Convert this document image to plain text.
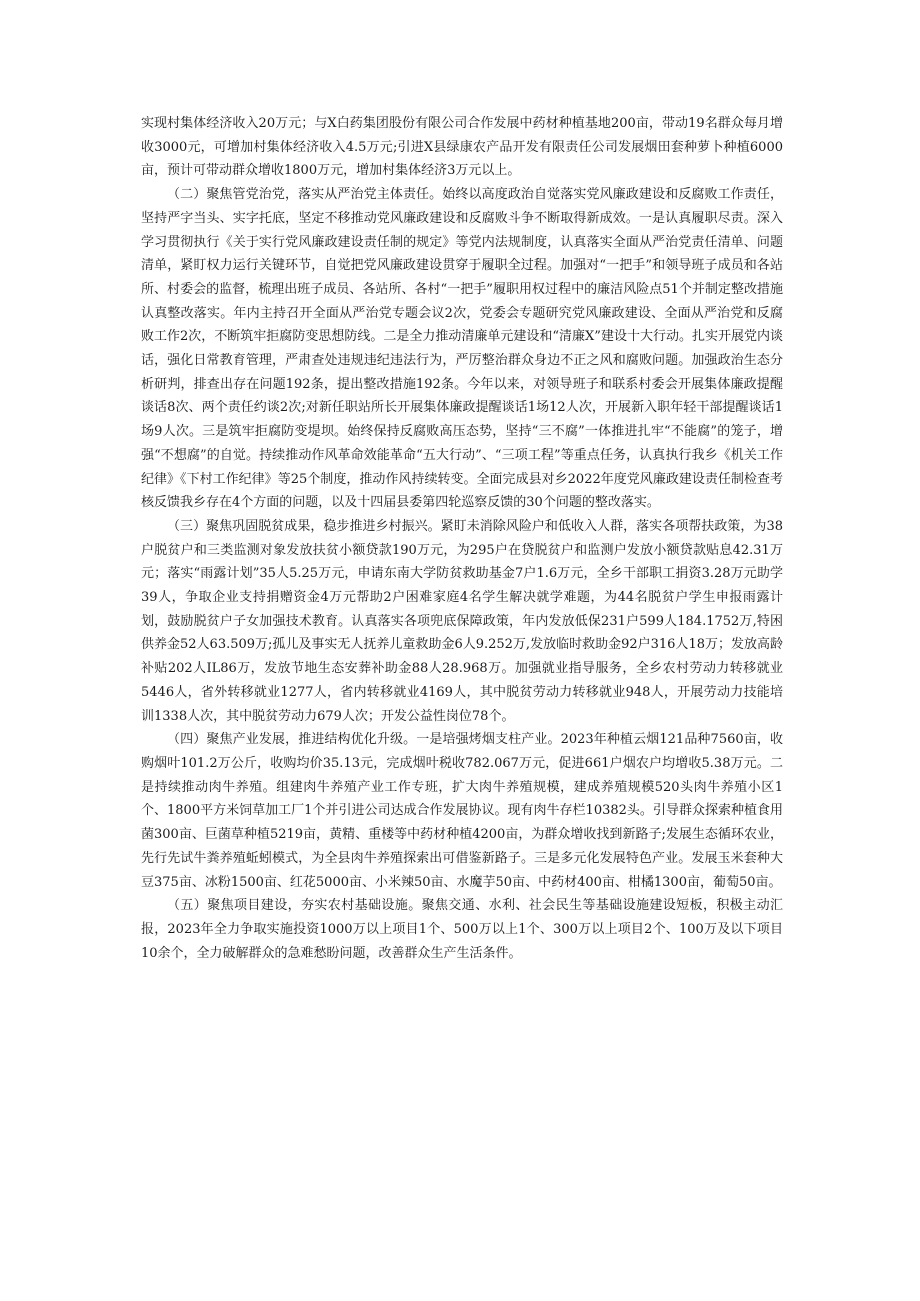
实现村集体经济收入20万元；与X白药集团股份有限公司合作发展中药材种植基地200亩，带动19名群众每月增收3000元，可增加村集体经济收入4.5万元;引进X县绿康农产品开发有限责任公司发展烟田套种萝卜种植6000亩，预计可带动群众增收1800万元，增加村集体经济3万元以上。

（二）聚焦管党治党，落实从严治党主体责任。始终以高度政治自觉落实党风廉政建设和反腐败工作责任，坚持严字当头、实字托底，坚定不移推动党风廉政建设和反腐败斗争不断取得新成效。一是认真履职尽责。深入学习贯彻执行《关于实行党风廉政建设责任制的规定》等党内法规制度，认真落实全面从严治党责任清单、问题清单，紧盯权力运行关键环节，自觉把党风廉政建设贯穿于履职全过程。加强对“一把手”和领导班子成员和各站所、村委会的监督，梳理出班子成员、各站所、各村“一把手”履职用权过程中的廉洁风险点51个并制定整改措施认真整改落实。年内主持召开全面从严治党专题会议2次，党委会专题研究党风廉政建设、全面从严治党和反腐败工作2次，不断筑牢拒腐防变思想防线。二是全力推动清廉单元建设和“清廉X”建设十大行动。扎实开展党内谈话，强化日常教育管理，严肃查处违规违纪违法行为，严厉整治群众身边不正之风和腐败问题。加强政治生态分析研判，排查出存在问题192条，提出整改措施192条。今年以来，对领导班子和联系村委会开展集体廉政提醒谈话8次、两个责任约谈2次;对新任职站所长开展集体廉政提醒谈话1场12人次，开展新入职年轻干部提醒谈话1场9人次。三是筑牢拒腐防变堤坝。始终保持反腐败高压态势，坚持“三不腐”一体推进扎牢“不能腐”的笼子，增强“不想腐”的自觉。持续推动作风革命效能革命“五大行动”、“三项工程”等重点任务，认真执行我乡《机关工作纪律》《下村工作纪律》等25个制度，推动作风持续转变。全面完成县对乡2022年度党风廉政建设责任制检查考核反馈我乡存在4个方面的问题，以及十四届县委第四轮巡察反馈的30个问题的整改落实。

（三）聚焦巩固脱贫成果，稳步推进乡村振兴。紧盯未消除风险户和低收入人群，落实各项帮扶政策，为38户脱贫户和三类监测对象发放扶贫小额贷款190万元，为295户在贷脱贫户和监测户发放小额贷款贴息42.31万元；落实“雨露计划”35人5.25万元，申请东南大学防贫救助基金7户1.6万元，全乡干部职工捐资3.28万元助学39人，争取企业支持捐赠资金4万元帮助2户困难家庭4名学生解决就学难题，为44名脱贫户学生申报雨露计划，鼓励脱贫户子女加强技术教育。认真落实各项兜底保障政策，年内发放低保231户599人184.1752万,特困供养金52人63.509万;孤儿及事实无人抚养儿童救助金6人9.252万,发放临时救助金92户316人18万；发放高龄补贴202人IL86万，发放节地生态安葬补助金88人28.968万。加强就业指导服务，全乡农村劳动力转移就业5446人，省外转移就业1277人，省内转移就业4169人，其中脱贫劳动力转移就业948人，开展劳动力技能培训1338人次，其中脱贫劳动力679人次；开发公益性岗位78个。

（四）聚焦产业发展，推进结构优化升级。一是培强烤烟支柱产业。2023年种植云烟121品种7560亩，收购烟叶101.2万公斤，收购均价35.13元，完成烟叶税收782.067万元，促进661户烟农户均增收5.38万元。二是持续推动肉牛养殖。组建肉牛养殖产业工作专班，扩大肉牛养殖规模，建成养殖规模520头肉牛养殖小区1个、1800平方米饲草加工厂1个并引进公司达成合作发展协议。现有肉牛存栏10382头。引导群众探索种植食用菌300亩、巨菌草种植5219亩，黄精、重楼等中药材种植4200亩，为群众增收找到新路子;发展生态循环农业，先行先试牛粪养殖蚯蚓模式，为全县肉牛养殖探索出可借鉴新路子。三是多元化发展特色产业。发展玉米套种大豆375亩、冰粉1500亩、红花5000亩、小米辣50亩、水魔芋50亩、中药材400亩、柑橘1300亩，葡萄50亩。

（五）聚焦项目建设，夯实农村基础设施。聚焦交通、水利、社会民生等基础设施建设短板，积极主动汇报，2023年全力争取实施投资1000万以上项目1个、500万以上1个、300万以上项目2个、100万及以下项目10余个，全力破解群众的急难愁盼问题，改善群众生产生活条件。
